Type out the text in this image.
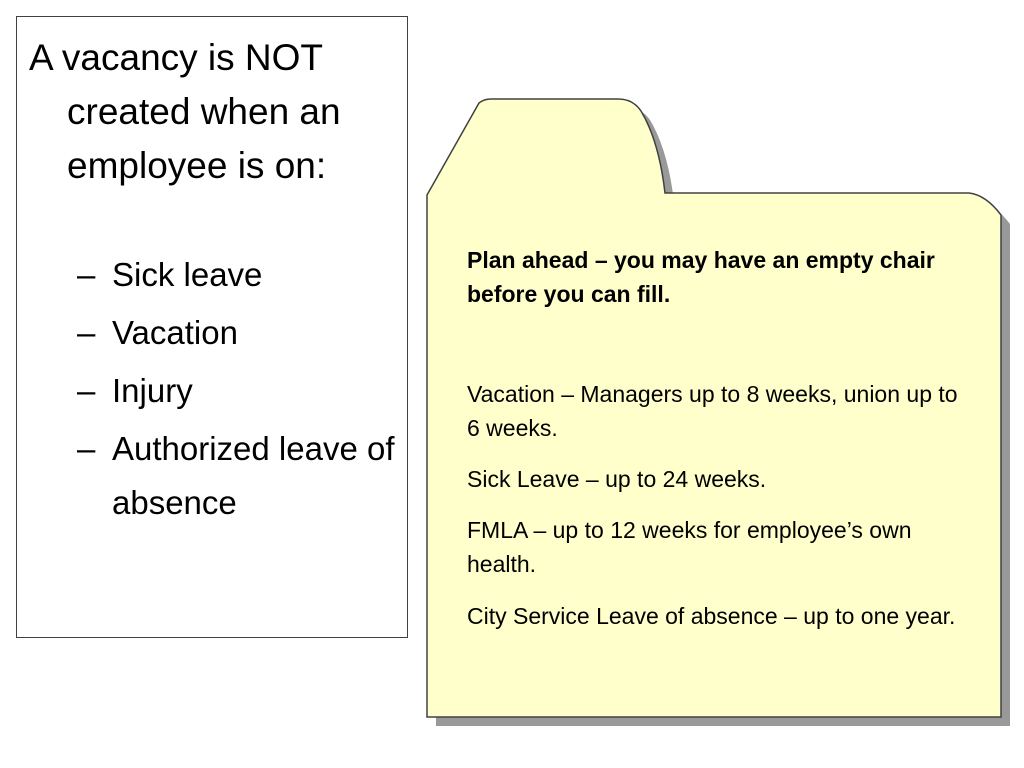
A vacancy is NOT created when an employee is on:

– Sick leave
– Vacation
– Injury
– Authorized leave of absence

Plan ahead – you may have an empty chair before you can fill.

Vacation – Managers up to 8 weeks, union up to 6 weeks.

Sick Leave – up to 24 weeks.

FMLA – up to 12 weeks for employee’s own health.

City Service Leave of absence – up to one year.
